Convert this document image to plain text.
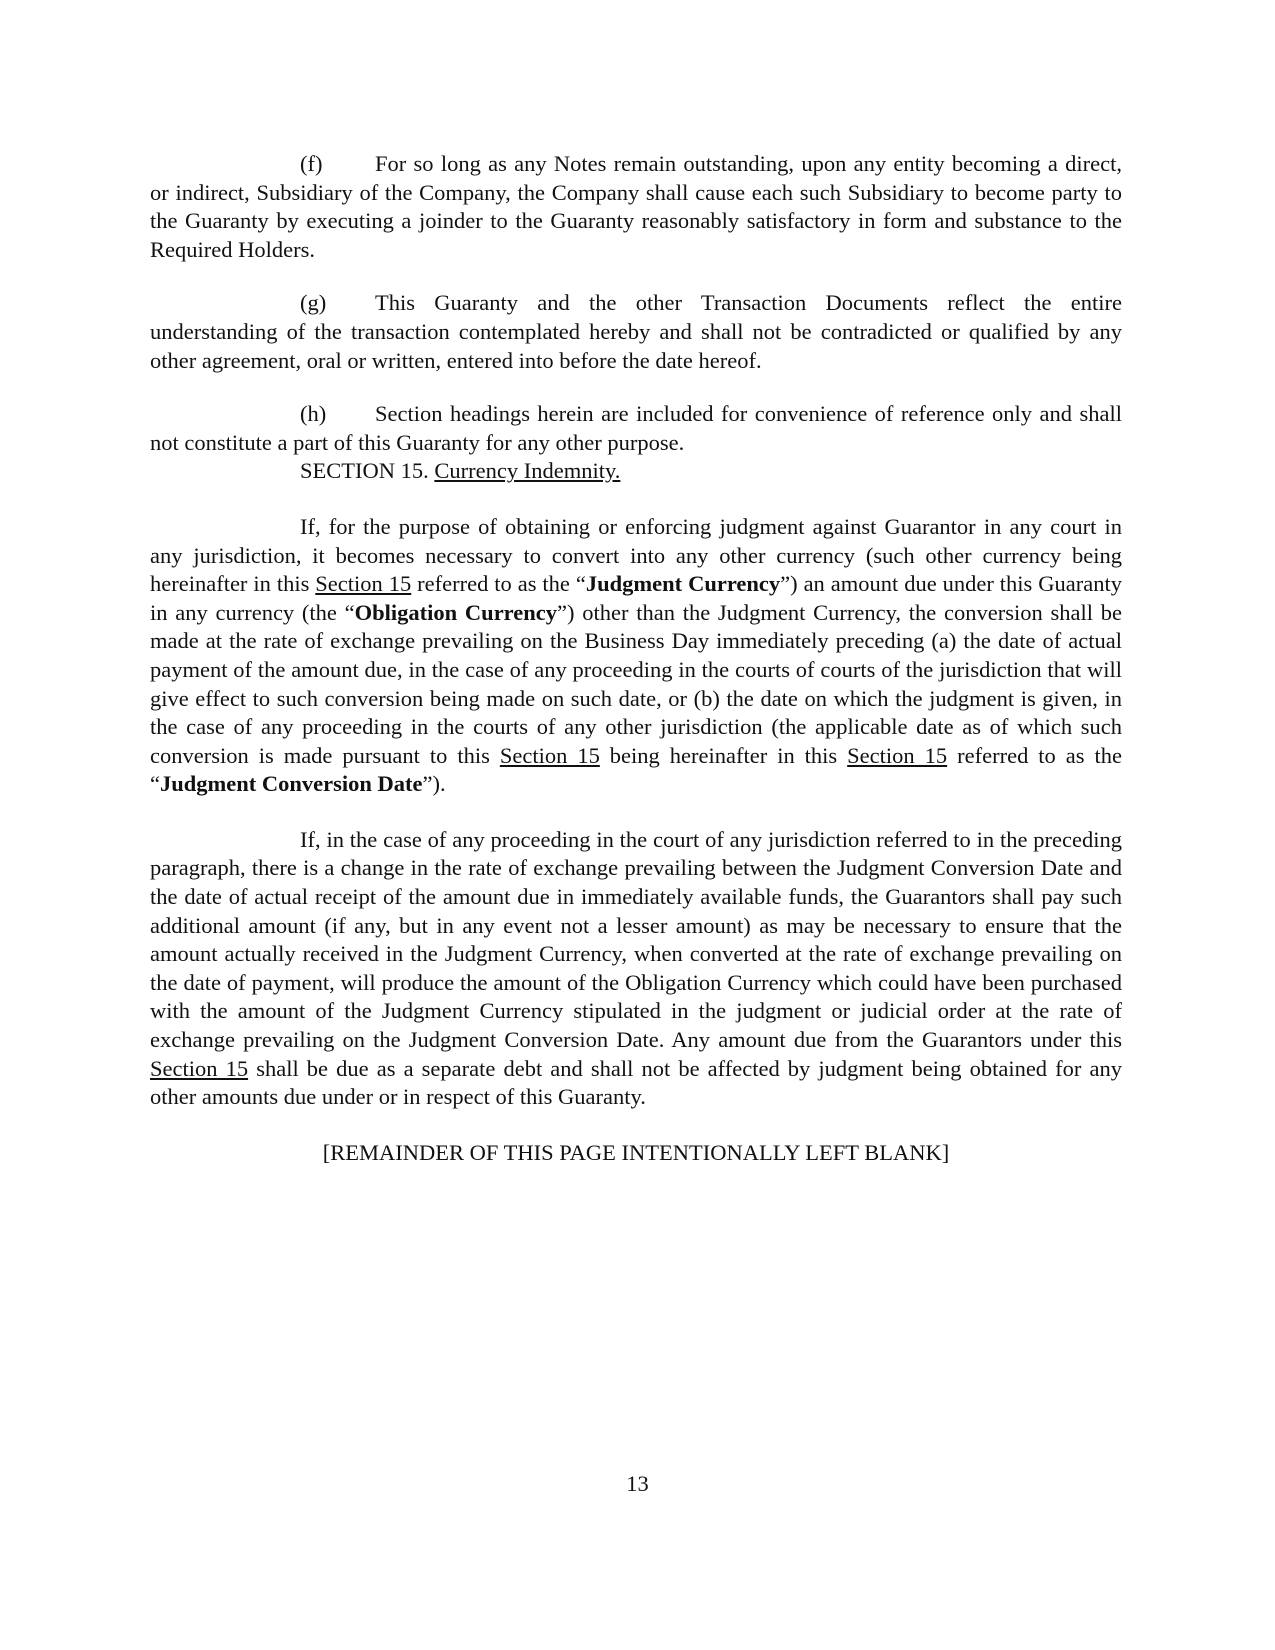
(f) For so long as any Notes remain outstanding, upon any entity becoming a direct, or indirect, Subsidiary of the Company, the Company shall cause each such Subsidiary to become party to the Guaranty by executing a joinder to the Guaranty reasonably satisfactory in form and substance to the Required Holders.

(g) This Guaranty and the other Transaction Documents reflect the entire understanding of the transaction contemplated hereby and shall not be contradicted or qualified by any other agreement, oral or written, entered into before the date hereof.

(h) Section headings herein are included for convenience of reference only and shall not constitute a part of this Guaranty for any other purpose.

SECTION 15. Currency Indemnity.

If, for the purpose of obtaining or enforcing judgment against Guarantor in any court in any jurisdiction, it becomes necessary to convert into any other currency (such other currency being hereinafter in this Section 15 referred to as the “Judgment Currency”) an amount due under this Guaranty in any currency (the “Obligation Currency”) other than the Judgment Currency, the conversion shall be made at the rate of exchange prevailing on the Business Day immediately preceding (a) the date of actual payment of the amount due, in the case of any proceeding in the courts of courts of the jurisdiction that will give effect to such conversion being made on such date, or (b) the date on which the judgment is given, in the case of any proceeding in the courts of any other jurisdiction (the applicable date as of which such conversion is made pursuant to this Section 15 being hereinafter in this Section 15 referred to as the “Judgment Conversion Date”).

If, in the case of any proceeding in the court of any jurisdiction referred to in the preceding paragraph, there is a change in the rate of exchange prevailing between the Judgment Conversion Date and the date of actual receipt of the amount due in immediately available funds, the Guarantors shall pay such additional amount (if any, but in any event not a lesser amount) as may be necessary to ensure that the amount actually received in the Judgment Currency, when converted at the rate of exchange prevailing on the date of payment, will produce the amount of the Obligation Currency which could have been purchased with the amount of the Judgment Currency stipulated in the judgment or judicial order at the rate of exchange prevailing on the Judgment Conversion Date. Any amount due from the Guarantors under this Section 15 shall be due as a separate debt and shall not be affected by judgment being obtained for any other amounts due under or in respect of this Guaranty.

[REMAINDER OF THIS PAGE INTENTIONALLY LEFT BLANK]

13
